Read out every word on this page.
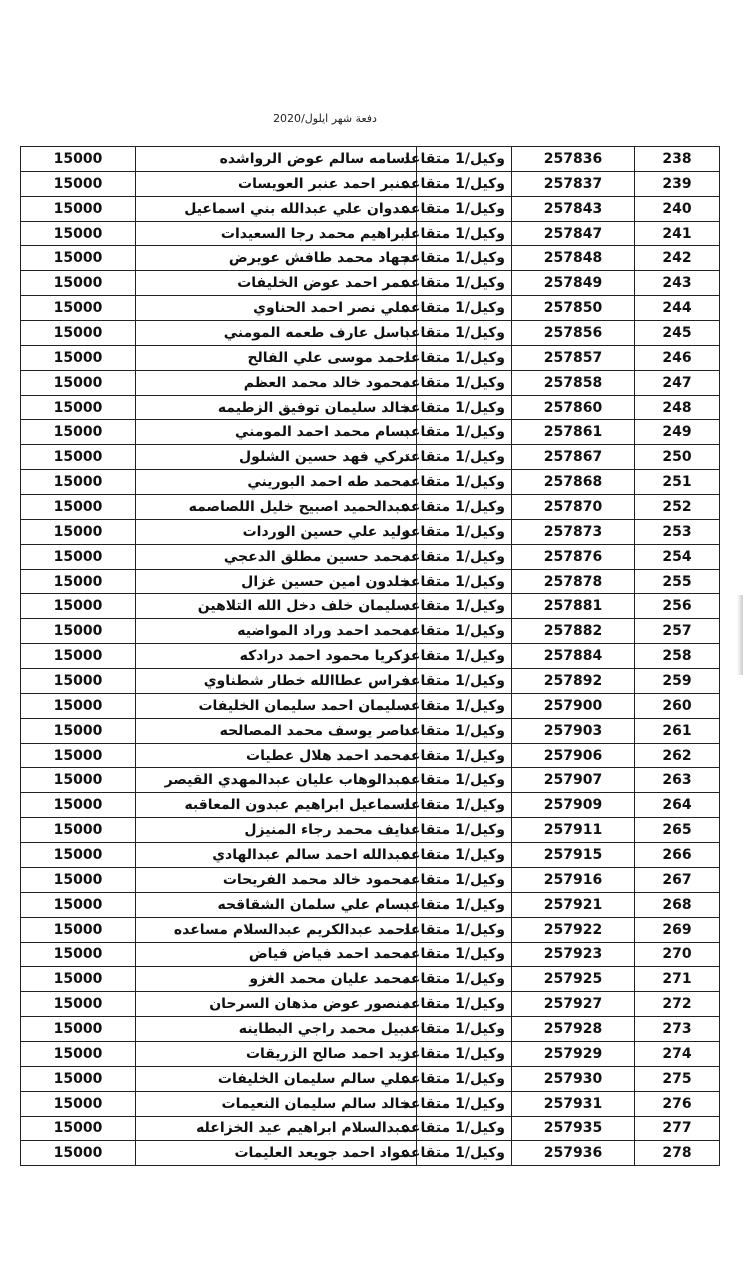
دفعة شهر ايلول/2020
238	257836	وكيل/1 متقاعد	اسامه سالم عوض الرواشده	15000
239	257837	وكيل/1 متقاعد	عنبر احمد عنبر العويسات	15000
240	257843	وكيل/1 متقاعد	عدوان علي عبدالله بني اسماعيل	15000
241	257847	وكيل/1 متقاعد	ابراهيم محمد رجا السعيدات	15000
242	257848	وكيل/1 متقاعد	جهاد محمد طافش عويرض	15000
243	257849	وكيل/1 متقاعد	عمر احمد عوض الخليفات	15000
244	257850	وكيل/1 متقاعد	علي نصر احمد الحناوي	15000
245	257856	وكيل/1 متقاعد	باسل عارف طعمه المومني	15000
246	257857	وكيل/1 متقاعد	احمد موسى علي الفالح	15000
247	257858	وكيل/1 متقاعد	محمود خالد محمد العظم	15000
248	257860	وكيل/1 متقاعد	خالد سليمان توفيق الزطيمه	15000
249	257861	وكيل/1 متقاعد	بسام محمد احمد المومني	15000
250	257867	وكيل/1 متقاعد	تركي فهد حسين الشلول	15000
251	257868	وكيل/1 متقاعد	محمد طه احمد البوريني	15000
252	257870	وكيل/1 متقاعد	عبدالحميد اصبيح خليل اللصاصمه	15000
253	257873	وكيل/1 متقاعد	وليد علي حسين الوردات	15000
254	257876	وكيل/1 متقاعد	محمد حسين مطلق الدعجي	15000
255	257878	وكيل/1 متقاعد	خلدون امين حسين غزال	15000
256	257881	وكيل/1 متقاعد	سليمان خلف دخل الله التلاهين	15000
257	257882	وكيل/1 متقاعد	محمد احمد وراد المواضيه	15000
258	257884	وكيل/1 متقاعد	زكريا محمود احمد درادكه	15000
259	257892	وكيل/1 متقاعد	فراس عطاالله خطار شطناوي	15000
260	257900	وكيل/1 متقاعد	سليمان احمد سليمان الخليفات	15000
261	257903	وكيل/1 متقاعد	ناصر يوسف محمد المصالحه	15000
262	257906	وكيل/1 متقاعد	محمد احمد هلال عطيات	15000
263	257907	وكيل/1 متقاعد	عبدالوهاب عليان عبدالمهدي القيصر	15000
264	257909	وكيل/1 متقاعد	اسماعيل ابراهيم عبدون المعاقبه	15000
265	257911	وكيل/1 متقاعد	نايف محمد رجاء المنيزل	15000
266	257915	وكيل/1 متقاعد	عبدالله احمد سالم عبدالهادي	15000
267	257916	وكيل/1 متقاعد	محمود خالد محمد الفريحات	15000
268	257921	وكيل/1 متقاعد	بسام علي سلمان الشقاقحه	15000
269	257922	وكيل/1 متقاعد	احمد عبدالكريم عبدالسلام مساعده	15000
270	257923	وكيل/1 متقاعد	محمد احمد فياض فياض	15000
271	257925	وكيل/1 متقاعد	محمد عليان محمد الغزو	15000
272	257927	وكيل/1 متقاعد	منصور عوض مذهان السرحان	15000
273	257928	وكيل/1 متقاعد	نبيل محمد راجي البطاينه	15000
274	257929	وكيل/1 متقاعد	زيد احمد صالح الزريقات	15000
275	257930	وكيل/1 متقاعد	علي سالم سليمان الخليفات	15000
276	257931	وكيل/1 متقاعد	خالد سالم سليمان النعيمات	15000
277	257935	وكيل/1 متقاعد	عبدالسلام ابراهيم عيد الخزاعله	15000
278	257936	وكيل/1 متقاعد	عواد احمد جويعد العليمات	15000
